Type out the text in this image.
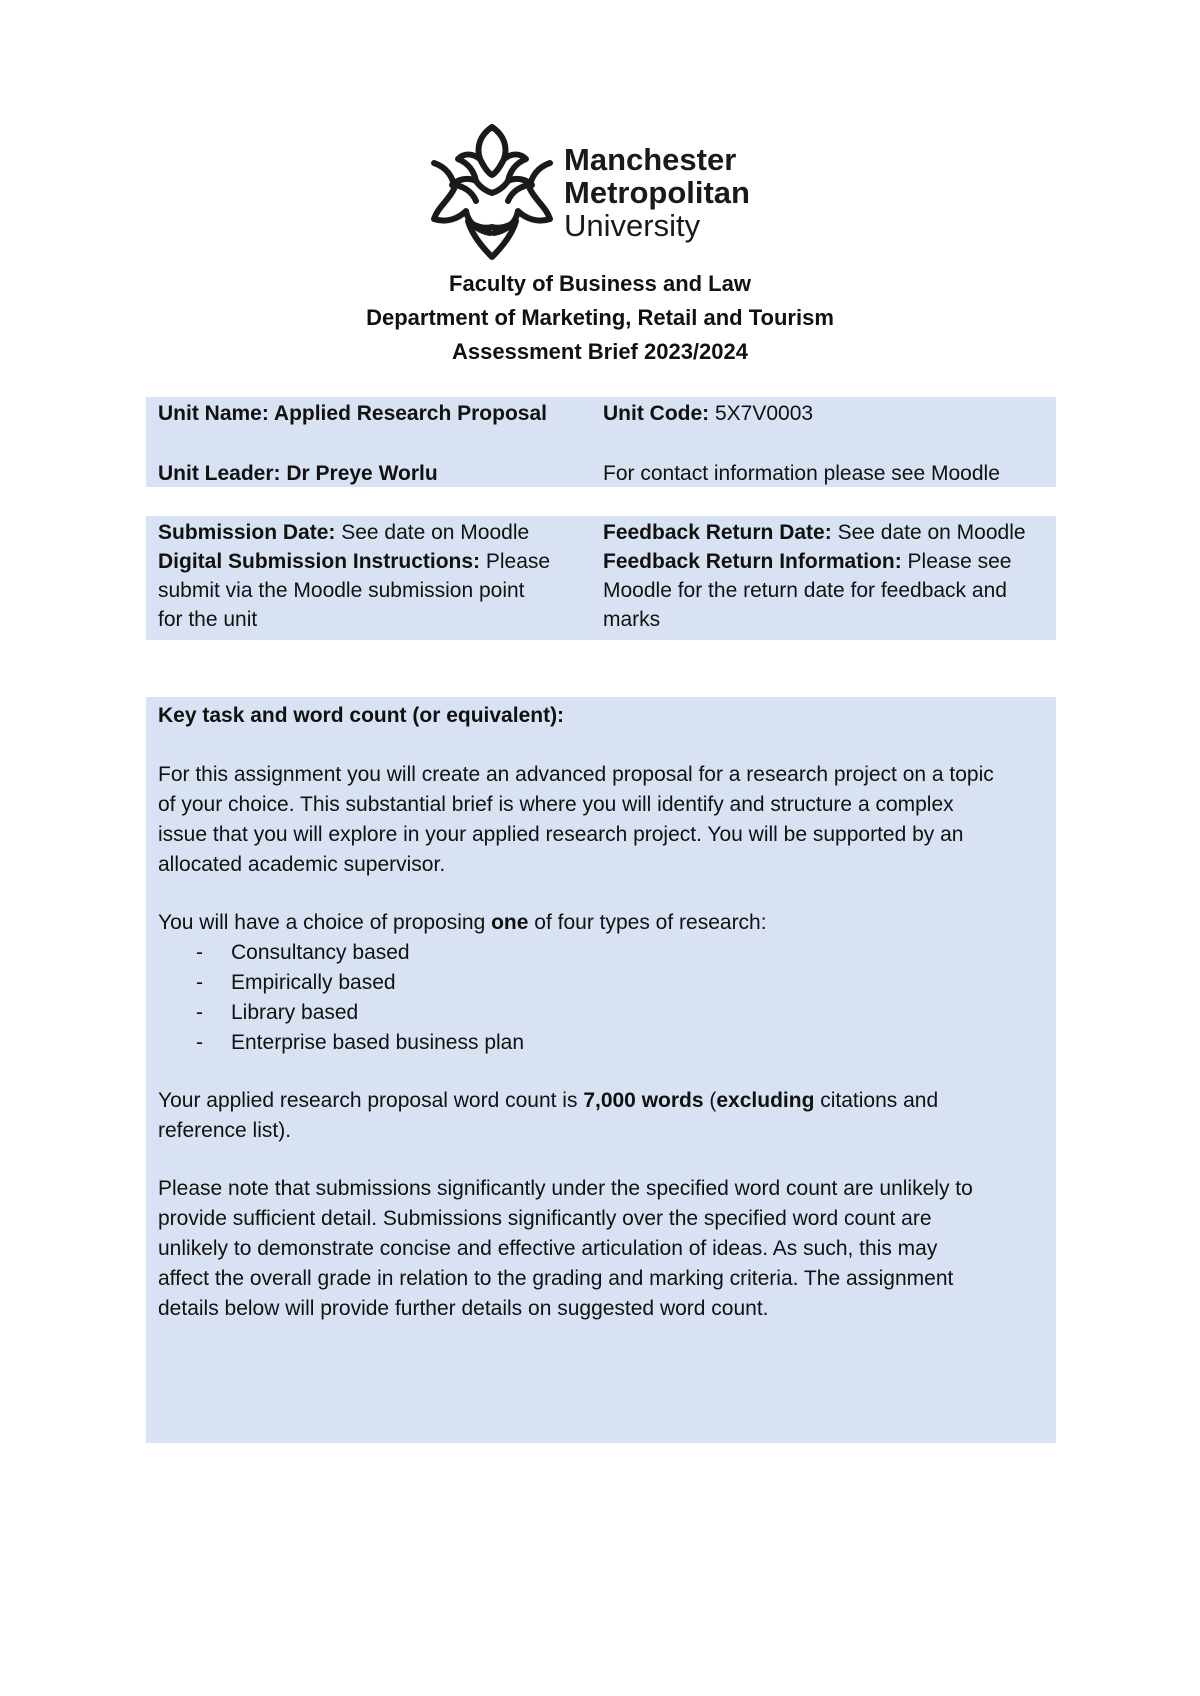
Manchester
Metropolitan
University
Faculty of Business and Law
Department of Marketing, Retail and Tourism
Assessment Brief 2023/2024
Unit Name: Applied Research Proposal	Unit Code: 5X7V0003
Unit Leader: Dr Preye Worlu	For contact information please see Moodle
Submission Date: See date on Moodle
Digital Submission Instructions: Please
submit via the Moodle submission point
for the unit
Feedback Return Date: See date on Moodle
Feedback Return Information: Please see
Moodle for the return date for feedback and
marks

Key task and word count (or equivalent):

For this assignment you will create an advanced proposal for a research project on a topic
of your choice. This substantial brief is where you will identify and structure a complex
issue that you will explore in your applied research project. You will be supported by an
allocated academic supervisor.

You will have a choice of proposing one of four types of research:

- Consultancy based
- Empirically based
- Library based
- Enterprise based business plan

Your applied research proposal word count is 7,000 words (excluding citations and
reference list).

Please note that submissions significantly under the specified word count are unlikely to
provide sufficient detail. Submissions significantly over the specified word count are
unlikely to demonstrate concise and effective articulation of ideas. As such, this may
affect the overall grade in relation to the grading and marking criteria. The assignment
details below will provide further details on suggested word count.
